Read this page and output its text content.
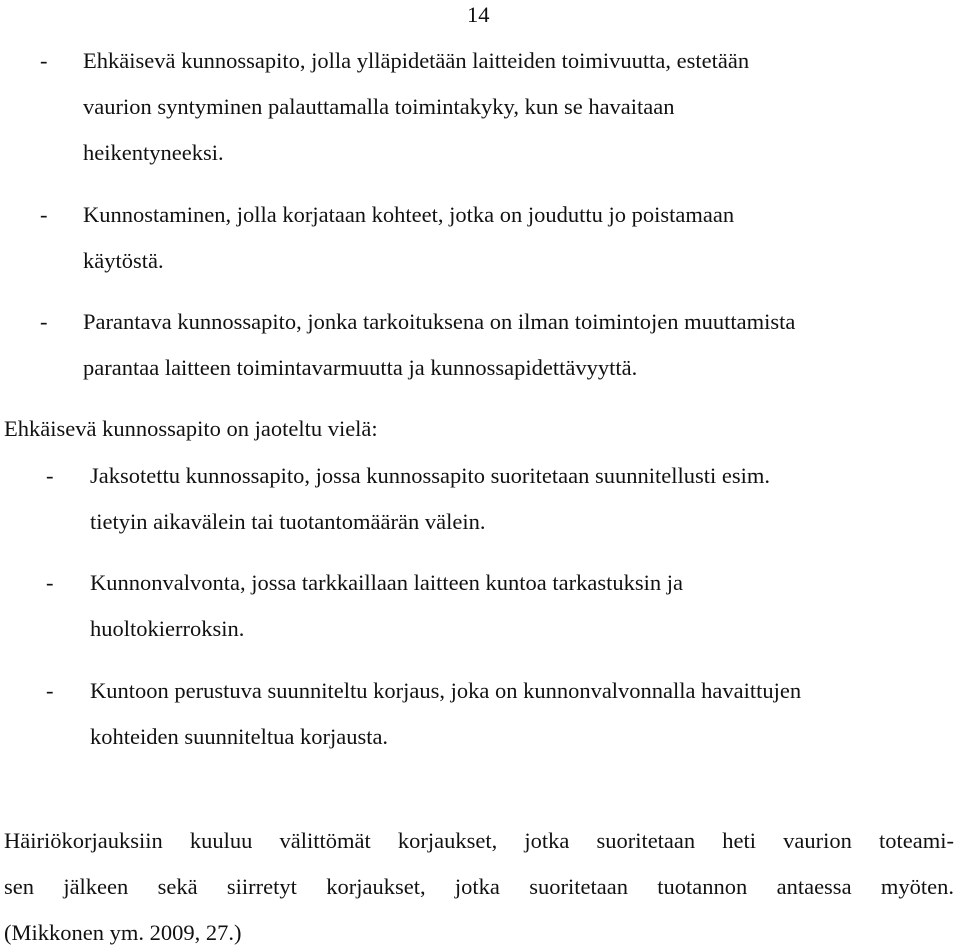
14
- Ehkäisevä kunnossapito, jolla ylläpidetään laitteiden toimivuutta, estetään
vaurion syntyminen palauttamalla toimintakyky, kun se havaitaan
heikentyneeksi.
- Kunnostaminen, jolla korjataan kohteet, jotka on jouduttu jo poistamaan
käytöstä.
- Parantava kunnossapito, jonka tarkoituksena on ilman toimintojen muuttamista
parantaa laitteen toimintavarmuutta ja kunnossapidettävyyttä.
Ehkäisevä kunnossapito on jaoteltu vielä:
- Jaksotettu kunnossapito, jossa kunnossapito suoritetaan suunnitellusti esim.
tietyin aikavälein tai tuotantomäärän välein.
- Kunnonvalvonta, jossa tarkkaillaan laitteen kuntoa tarkastuksin ja
huoltokierroksin.
- Kuntoon perustuva suunniteltu korjaus, joka on kunnonvalvonnalla havaittujen
kohteiden suunniteltua korjausta.
Häiriökorjauksiin kuuluu välittömät korjaukset, jotka suoritetaan heti vaurion toteami-
sen jälkeen sekä siirretyt korjaukset, jotka suoritetaan tuotannon antaessa myöten.
(Mikkonen ym. 2009, 27.)
